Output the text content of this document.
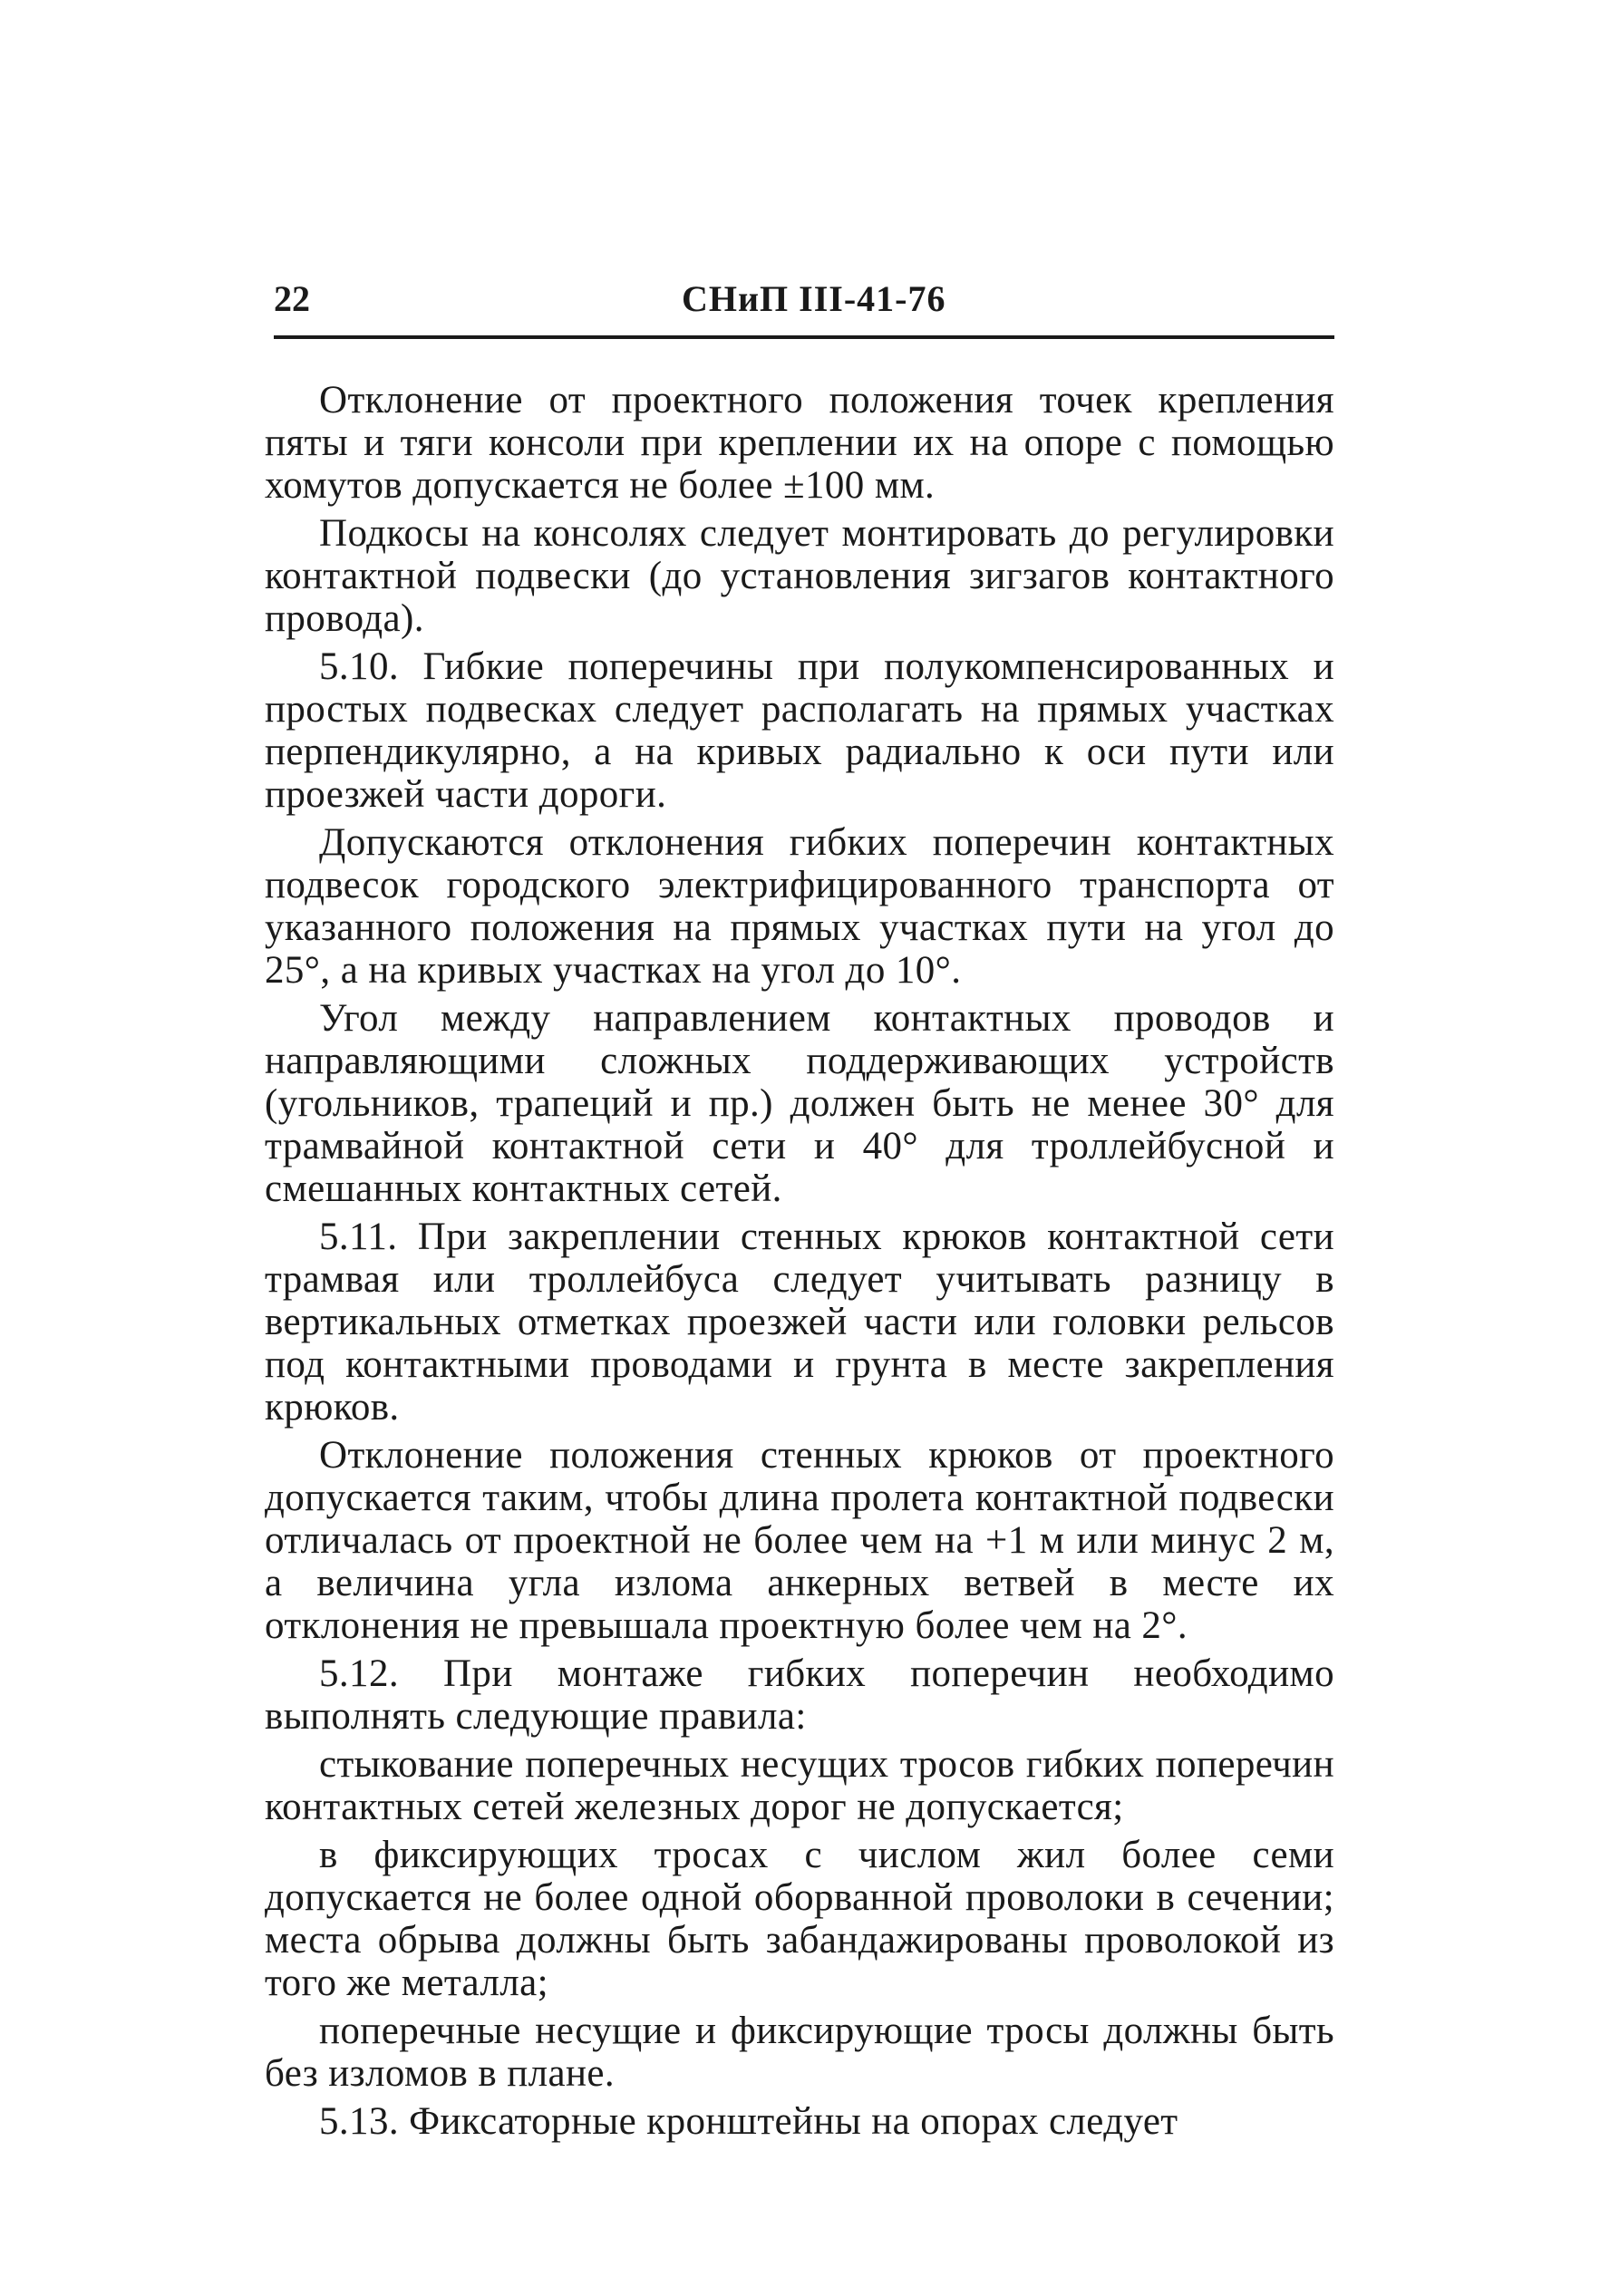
22	СНиП III-41-76

Отклонение от проектного положения точек крепления пяты и тяги консоли при креплении их на опоре с помощью хомутов допускается не более ±100 мм.

Подкосы на консолях следует монтировать до регулировки контактной подвески (до установления зигзагов контактного провода).

5.10. Гибкие поперечины при полукомпенсированных и простых подвесках следует располагать на прямых участках перпендикулярно, а на кривых радиально к оси пути или проезжей части дороги.

Допускаются отклонения гибких поперечин контактных подвесок городского электрифицированного транспорта от указанного положения на прямых участках пути на угол до 25°, а на кривых участках на угол до 10°.

Угол между направлением контактных проводов и направляющими сложных поддерживающих устройств (угольников, трапеций и пр.) должен быть не менее 30° для трамвайной контактной сети и 40° для троллейбусной и смешанных контактных сетей.

5.11. При закреплении стенных крюков контактной сети трамвая или троллейбуса следует учитывать разницу в вертикальных отметках проезжей части или головки рельсов под контактными проводами и грунта в месте закрепления крюков.

Отклонение положения стенных крюков от проектного допускается таким, чтобы длина пролета контактной подвески отличалась от проектной не более чем на +1 м или минус 2 м, а величина угла излома анкерных ветвей в месте их отклонения не превышала проектную более чем на 2°.

5.12. При монтаже гибких поперечин необходимо выполнять следующие правила:

стыкование поперечных несущих тросов гибких поперечин контактных сетей железных дорог не допускается;

в фиксирующих тросах с числом жил более семи допускается не более одной оборванной проволоки в сечении; места обрыва должны быть забандажированы проволокой из того же металла;

поперечные несущие и фиксирующие тросы должны быть без изломов в плане.

5.13. Фиксаторные кронштейны на опорах следует
